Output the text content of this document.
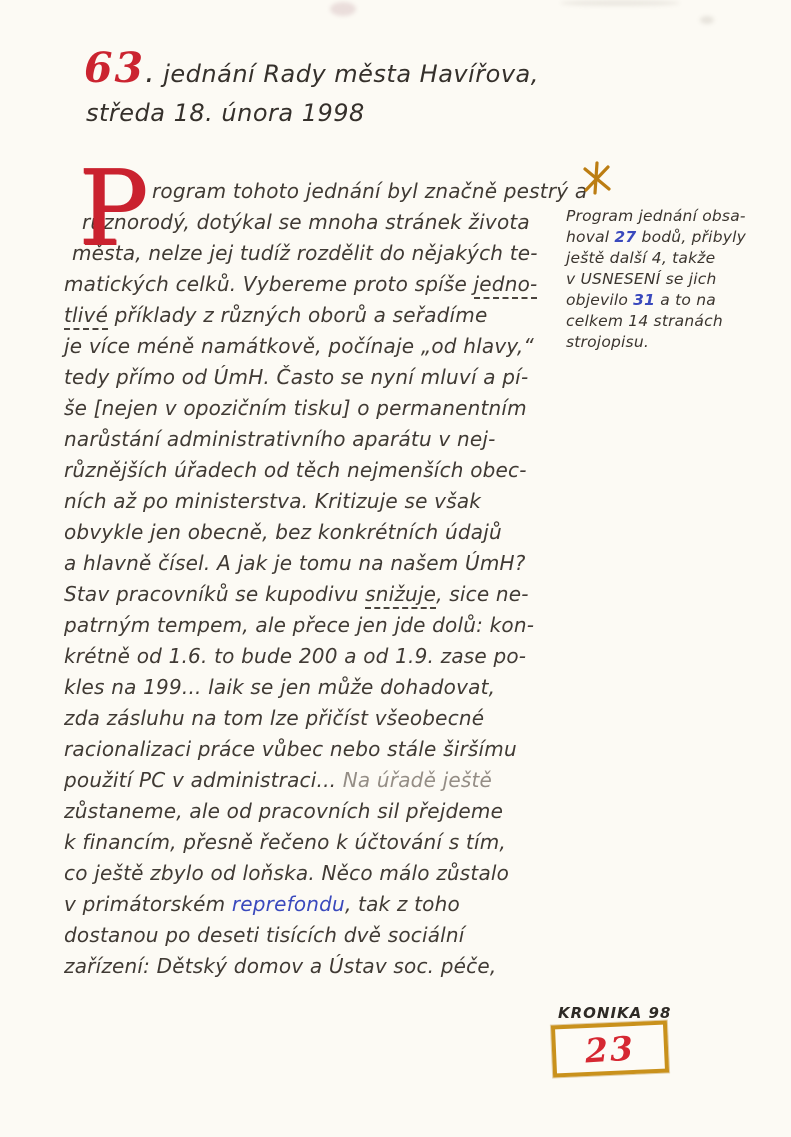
63. jednání Rady města Havířova,
středa 18. února 1998
P rogram tohoto jednání byl značně pestrý a
různorodý, dotýkal se mnoha stránek života
města, nelze jej tudíž rozdělit do nějakých te-
matických celků. Vybereme proto spíše jedno-
tlivé příklady z různých oborů a seřadíme
je více méně namátkově, počínaje „od hlavy,“
tedy přímo od ÚmH. Často se nyní mluví a pí-
še [nejen v opozičním tisku] o permanentním
narůstání administrativního aparátu v nej-
různějších úřadech od těch nejmenších obec-
ních až po ministerstva. Kritizuje se však
obvykle jen obecně, bez konkrétních údajů
a hlavně čísel. A jak je tomu na našem ÚmH?
Stav pracovníků se kupodivu snižuje, sice ne-
patrným tempem, ale přece jen jde dolů: kon-
krétně od 1.6. to bude 200 a od 1.9. zase po-
kles na 199... laik se jen může dohadovat,
zda zásluhu na tom lze přičíst všeobecné
racionalizaci práce vůbec nebo stále širšímu
použití PC v administraci... Na úřadě ještě
zůstaneme, ale od pracovních sil přejdeme
k financím, přesně řečeno k účtování s tím,
co ještě zbylo od loňska. Něco málo zůstalo
v primátorském reprefondu, tak z toho
dostanou po deseti tisících dvě sociální
zařízení: Dětský domov a Ústav soc. péče,
Program jednání obsa-
hoval 27 bodů, přibyly
ještě další 4, takže
v USNESENÍ se jich
objevilo 31 a to na
celkem 14 stranách
strojopisu.
KRONIKA 98
23
